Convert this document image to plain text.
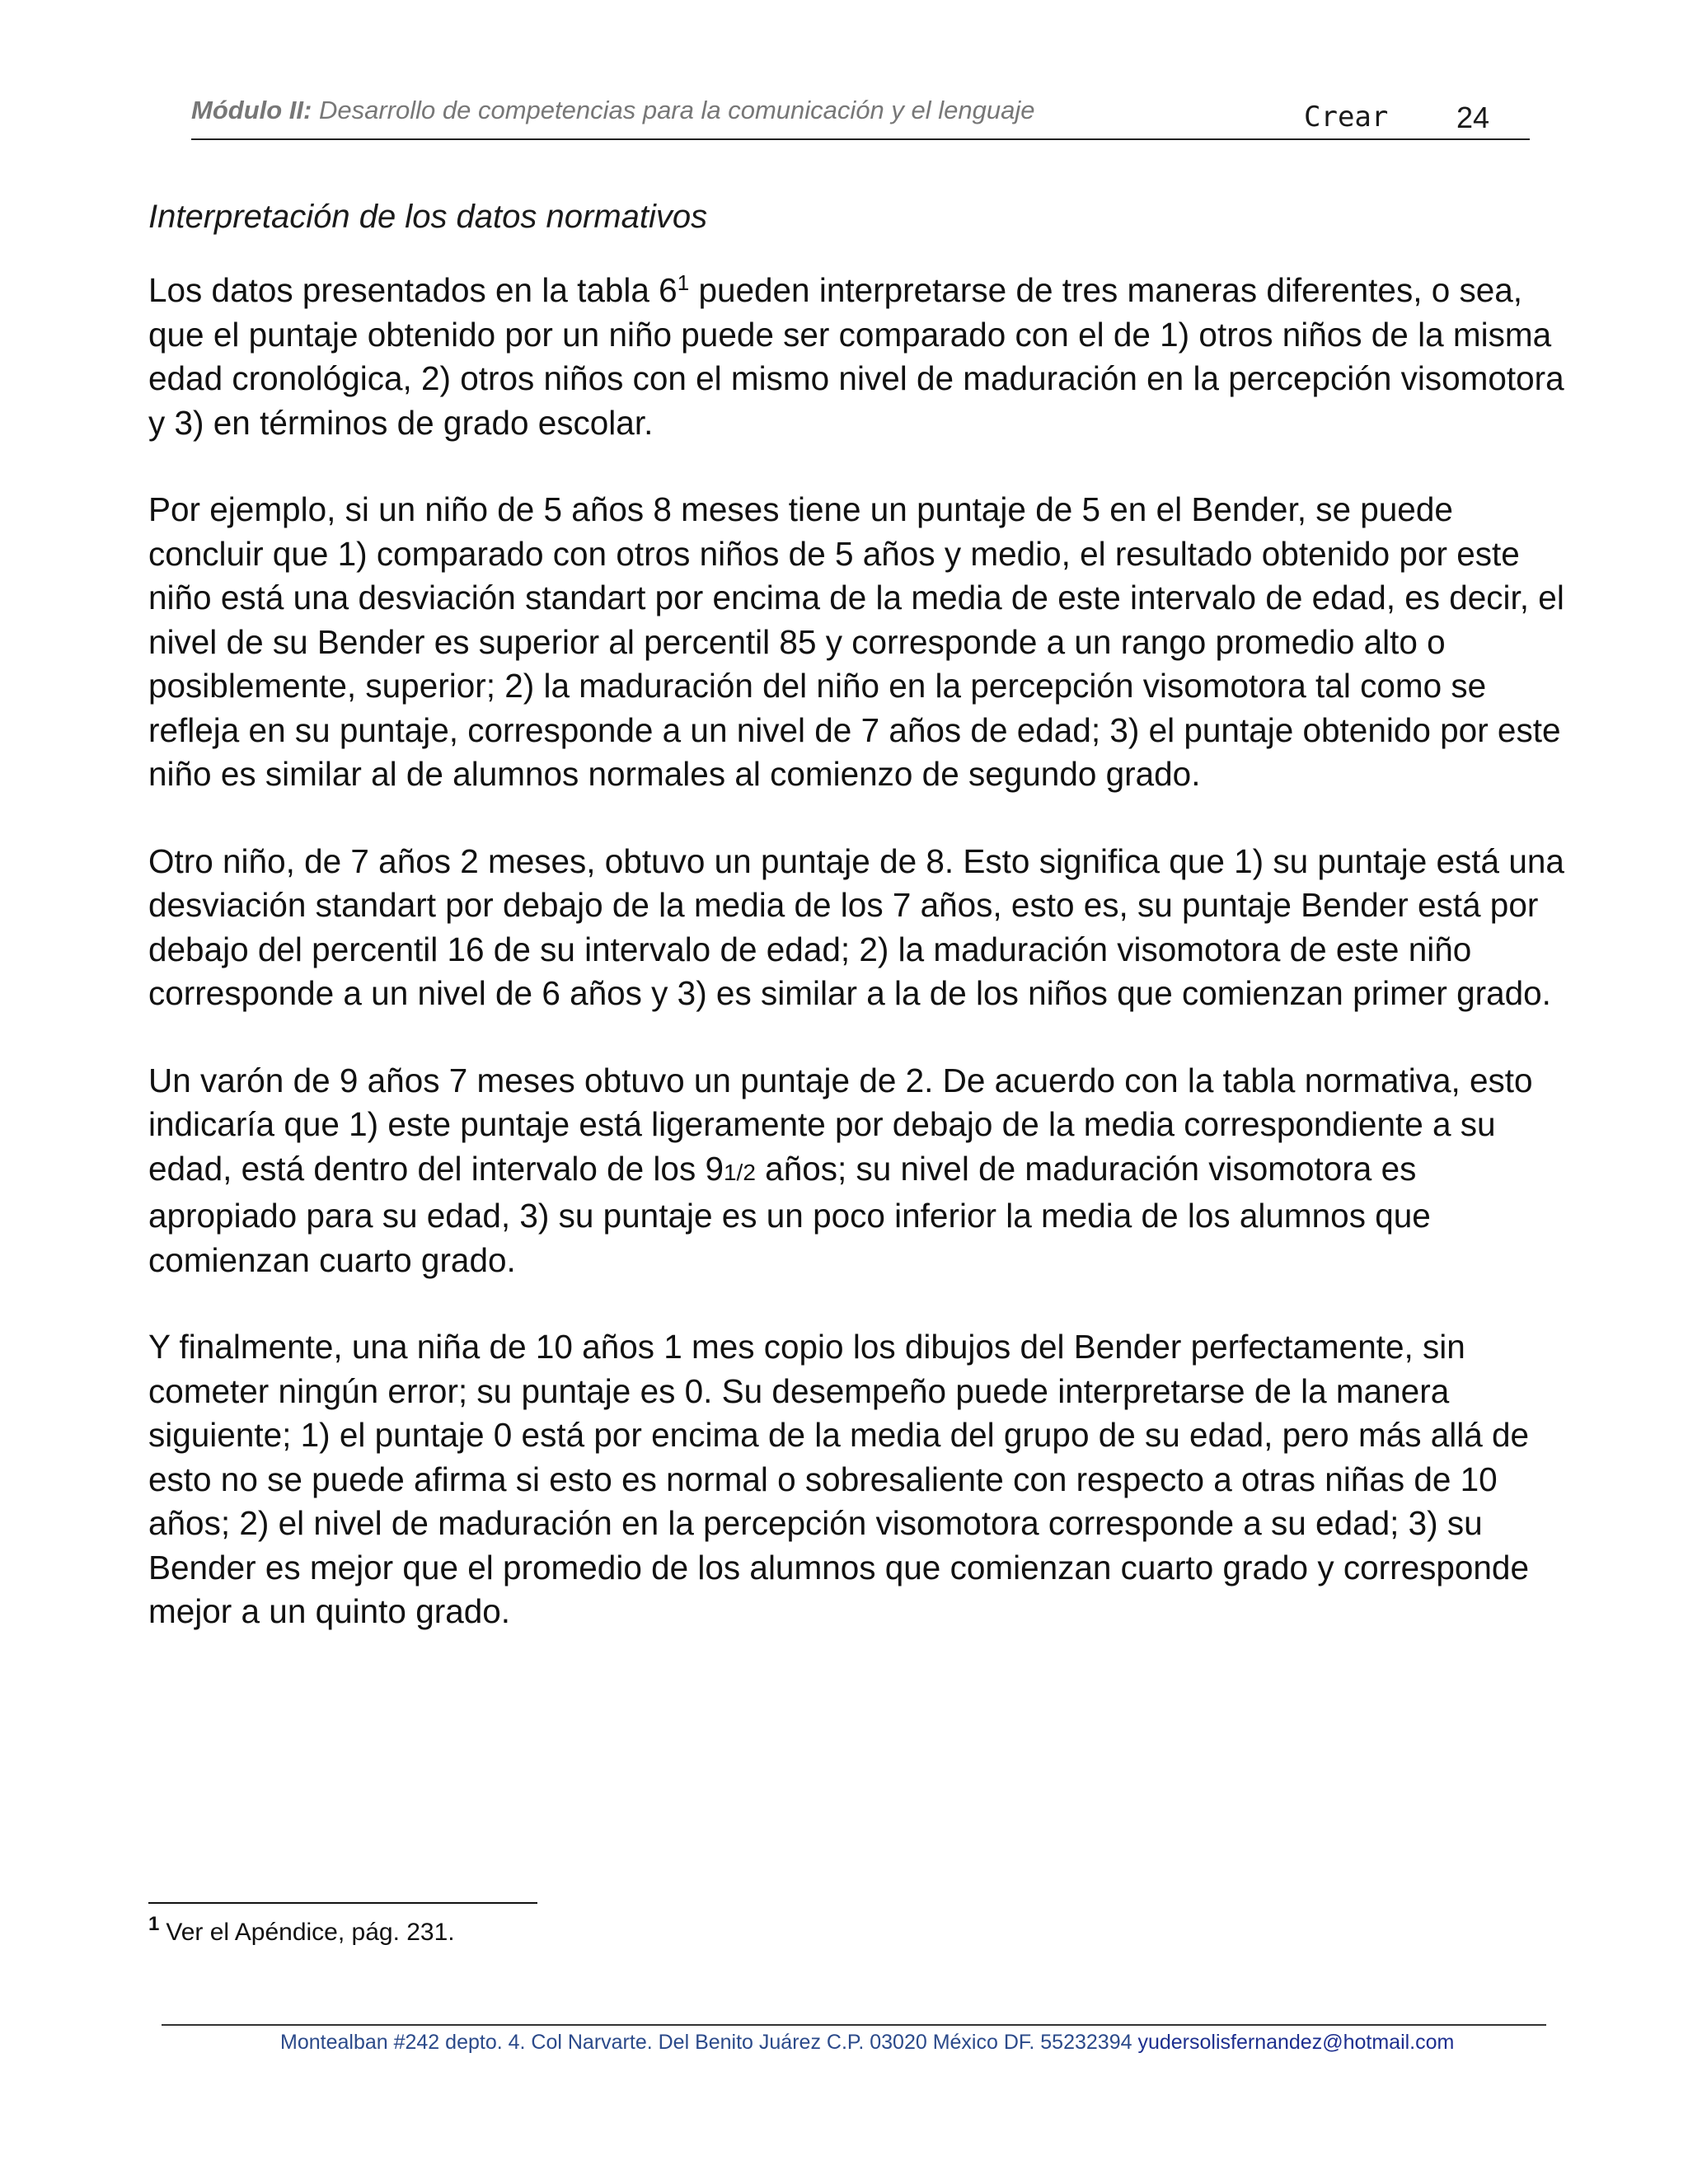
Módulo II: Desarrollo de competencias para la comunicación y el lenguaje	Crear 24
Interpretación de los datos normativos

Los datos presentados en la tabla $6^1$ pueden interpretarse de tres maneras diferentes, o sea, que el puntaje obtenido por un niño puede ser comparado con el de 1) otros niños de la misma edad cronológica, 2) otros niños con el mismo nivel de maduración en la percepción visomotora y 3) en términos de grado escolar.

Por ejemplo, si un niño de 5 años 8 meses tiene un puntaje de 5 en el Bender, se puede concluir que 1) comparado con otros niños de 5 años y medio, el resultado obtenido por este niño está una desviación standart por encima de la media de este intervalo de edad, es decir, el nivel de su Bender es superior al percentil 85 y corresponde a un rango promedio alto o posiblemente, superior; 2) la maduración del niño en la percepción visomotora tal como se refleja en su puntaje, corresponde a un nivel de 7 años de edad; 3) el puntaje obtenido por este niño es similar al de alumnos normales al comienzo de segundo grado.

Otro niño, de 7 años 2 meses, obtuvo un puntaje de 8. Esto significa que 1) su puntaje está una desviación standart por debajo de la media de los 7 años, esto es, su puntaje Bender está por debajo del percentil 16 de su intervalo de edad; 2) la maduración visomotora de este niño corresponde a un nivel de 6 años y 3) es similar a la de los niños que comienzan primer grado.

Un varón de 9 años 7 meses obtuvo un puntaje de 2. De acuerdo con la tabla normativa, esto indicaría que 1) este puntaje está ligeramente por debajo de la media correspondiente a su edad, está dentro del intervalo de los 91/2 años; su nivel de maduración visomotora es apropiado para su edad, 3) su puntaje es un poco inferior la media de los alumnos que comienzan cuarto grado.

Y finalmente, una niña de 10 años 1 mes copio los dibujos del Bender perfectamente, sin cometer ningún error; su puntaje es 0. Su desempeño puede interpretarse de la manera siguiente; 1) el puntaje 0 está por encima de la media del grupo de su edad, pero más allá de esto no se puede afirma si esto es normal o sobresaliente con respecto a otras niñas de 10 años; 2) el nivel de maduración en la percepción visomotora corresponde a su edad; 3) su Bender es mejor que el promedio de los alumnos que comienzan cuarto grado y corresponde mejor a un quinto grado.

$^1$ Ver el Apéndice, pág. 231.
Montealban #242 depto. 4. Col Narvarte. Del Benito Juárez C.P. 03020 México DF. 55232394 yudersolisfernandez@hotmail.com
